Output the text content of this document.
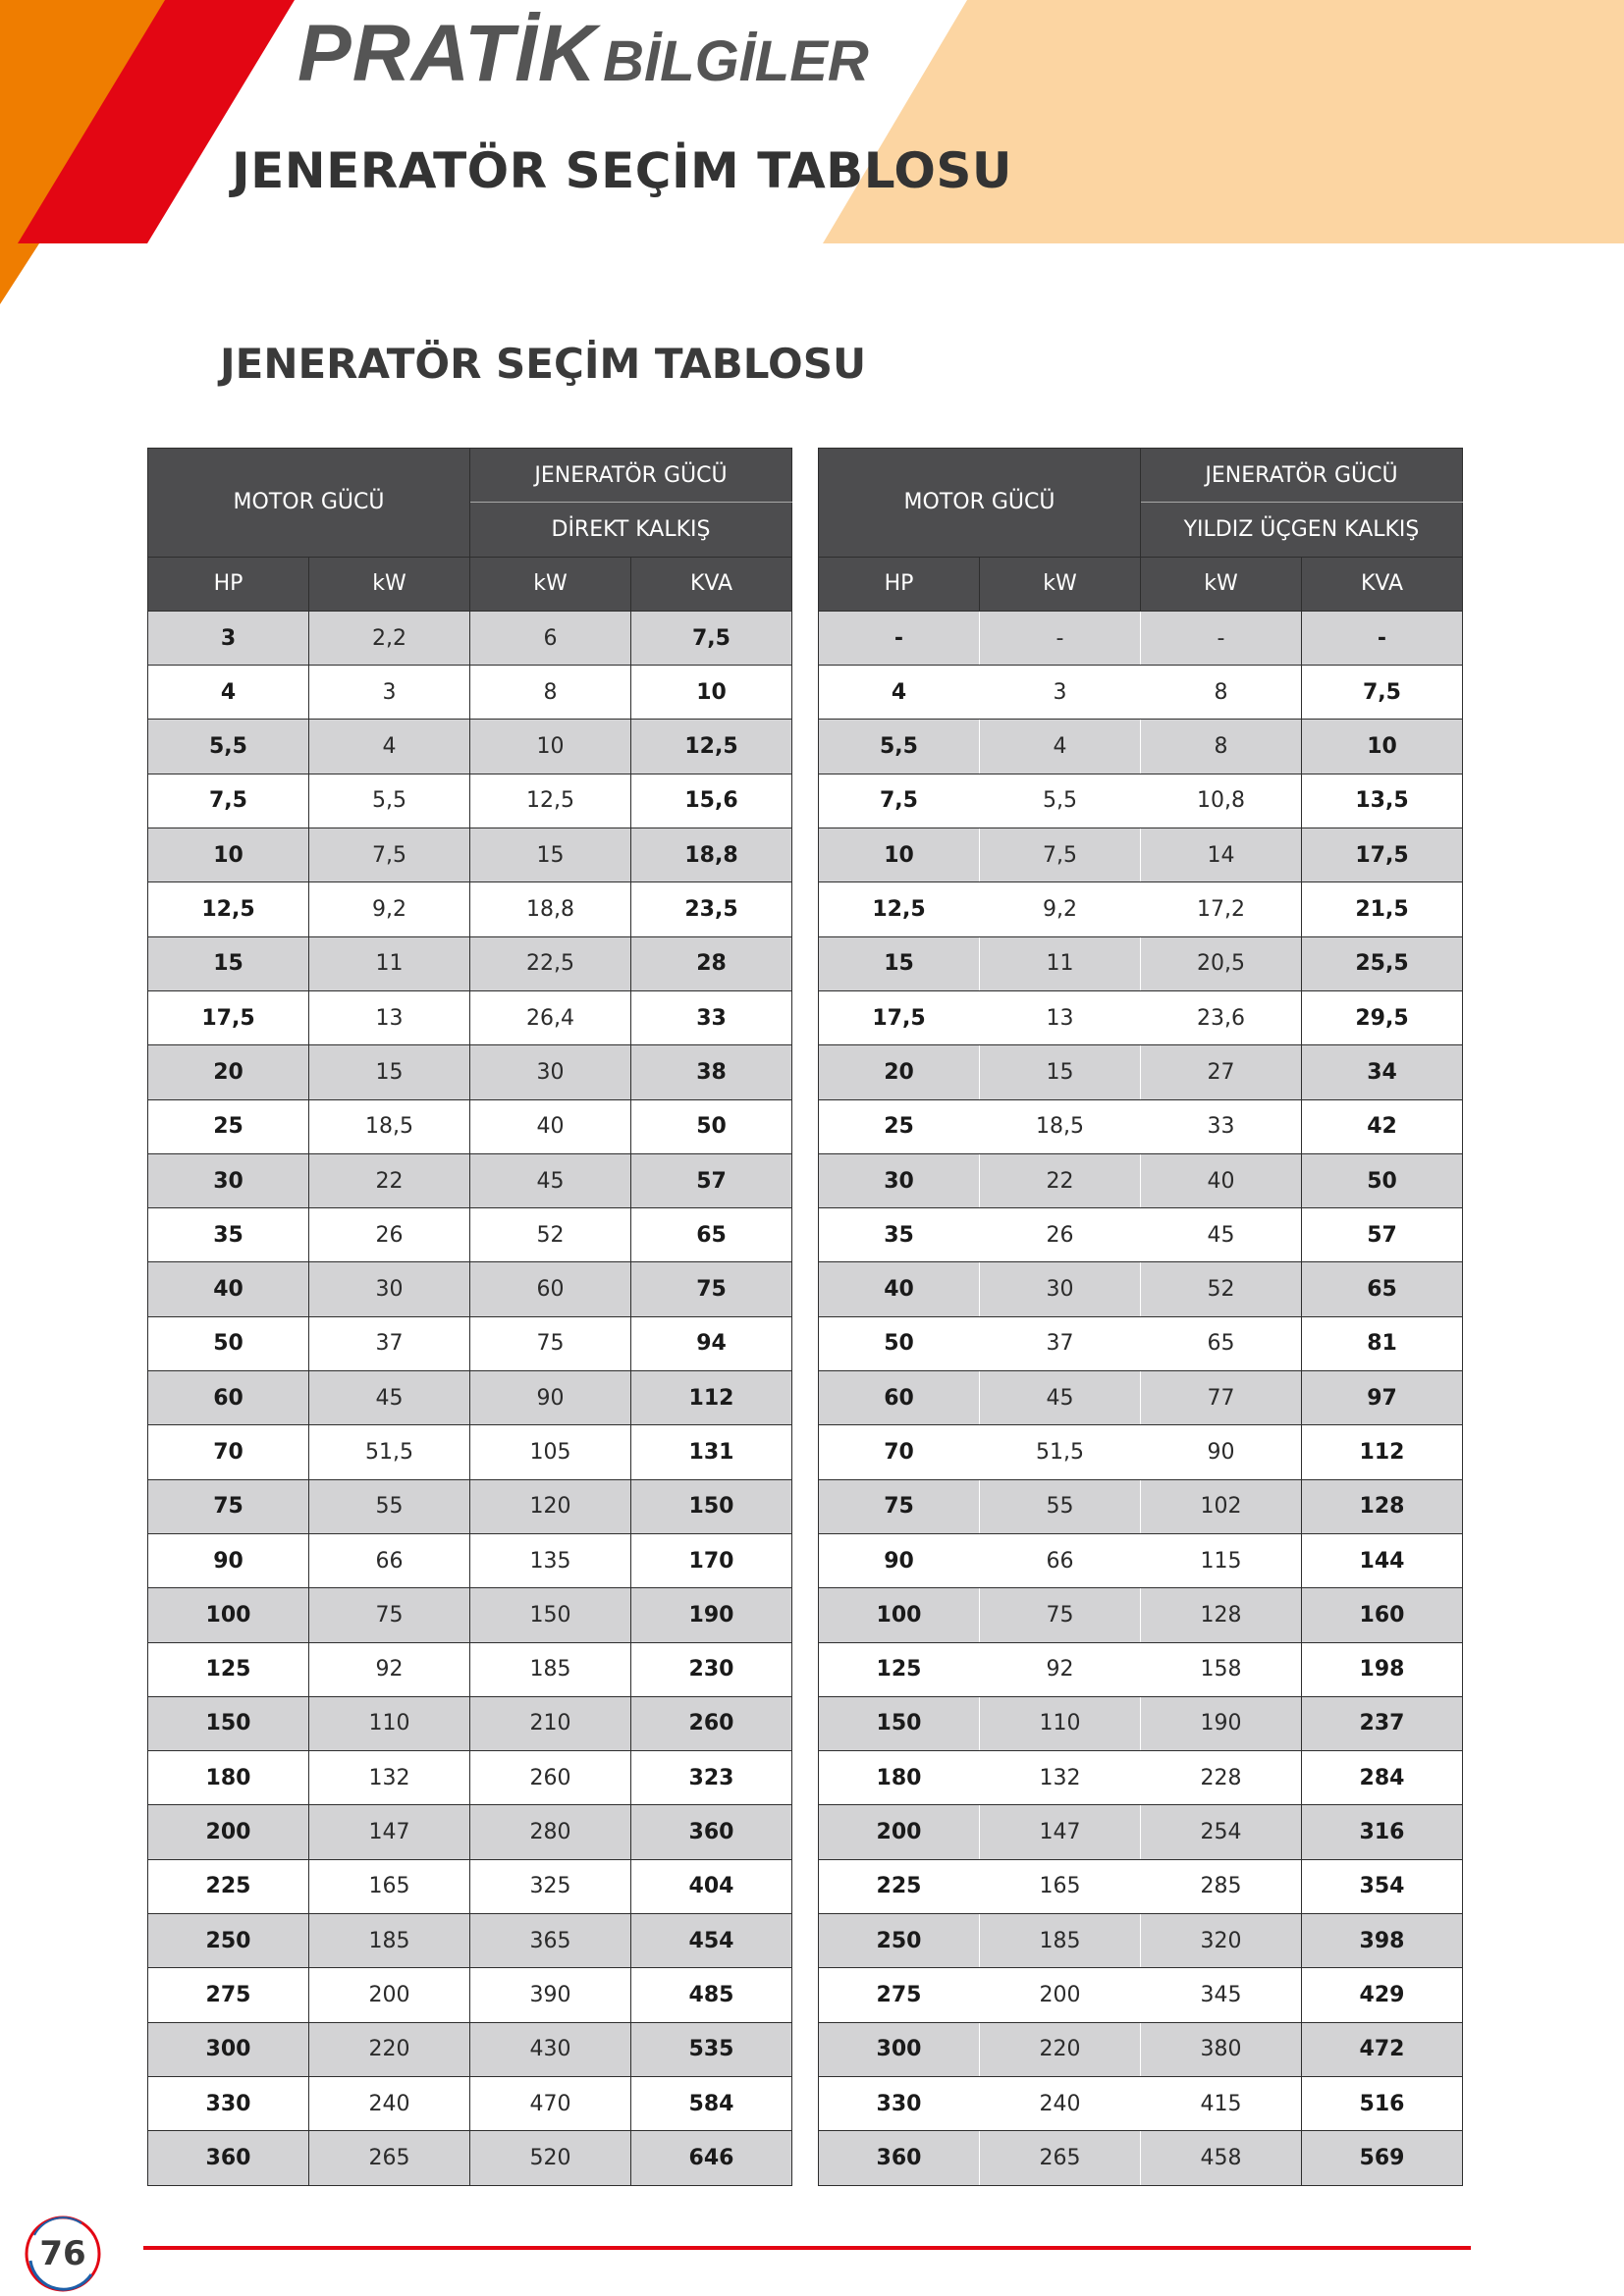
PRATİK BİLGİLER
JENERATÖR SEÇİM TABLOSU
JENERATÖR SEÇİM TABLOSU
MOTOR GÜCÜ		JENERATÖR GÜCÜ	
		DİREKT KALKIŞ	
HP	kW	kW	KVA
3	2,2	6	7,5
4	3	8	10
5,5	4	10	12,5
7,5	5,5	12,5	15,6
10	7,5	15	18,8
12,5	9,2	18,8	23,5
15	11	22,5	28
17,5	13	26,4	33
20	15	30	38
25	18,5	40	50
30	22	45	57
35	26	52	65
40	30	60	75
50	37	75	94
60	45	90	112
70	51,5	105	131
75	55	120	150
90	66	135	170
100	75	150	190
125	92	185	230
150	110	210	260
180	132	260	323
200	147	280	360
225	165	325	404
250	185	365	454
275	200	390	485
300	220	430	535
330	240	470	584
360	265	520	646
MOTOR GÜCÜ		JENERATÖR GÜCÜ	
		YILDIZ ÜÇGEN KALKIŞ	
HP	kW	kW	KVA
-	-	-	-
4	3	8	7,5
5,5	4	8	10
7,5	5,5	10,8	13,5
10	7,5	14	17,5
12,5	9,2	17,2	21,5
15	11	20,5	25,5
17,5	13	23,6	29,5
20	15	27	34
25	18,5	33	42
30	22	40	50
35	26	45	57
40	30	52	65
50	37	65	81
60	45	77	97
70	51,5	90	112
75	55	102	128
90	66	115	144
100	75	128	160
125	92	158	198
150	110	190	237
180	132	228	284
200	147	254	316
225	165	285	354
250	185	320	398
275	200	345	429
300	220	380	472
330	240	415	516
360	265	458	569
76
